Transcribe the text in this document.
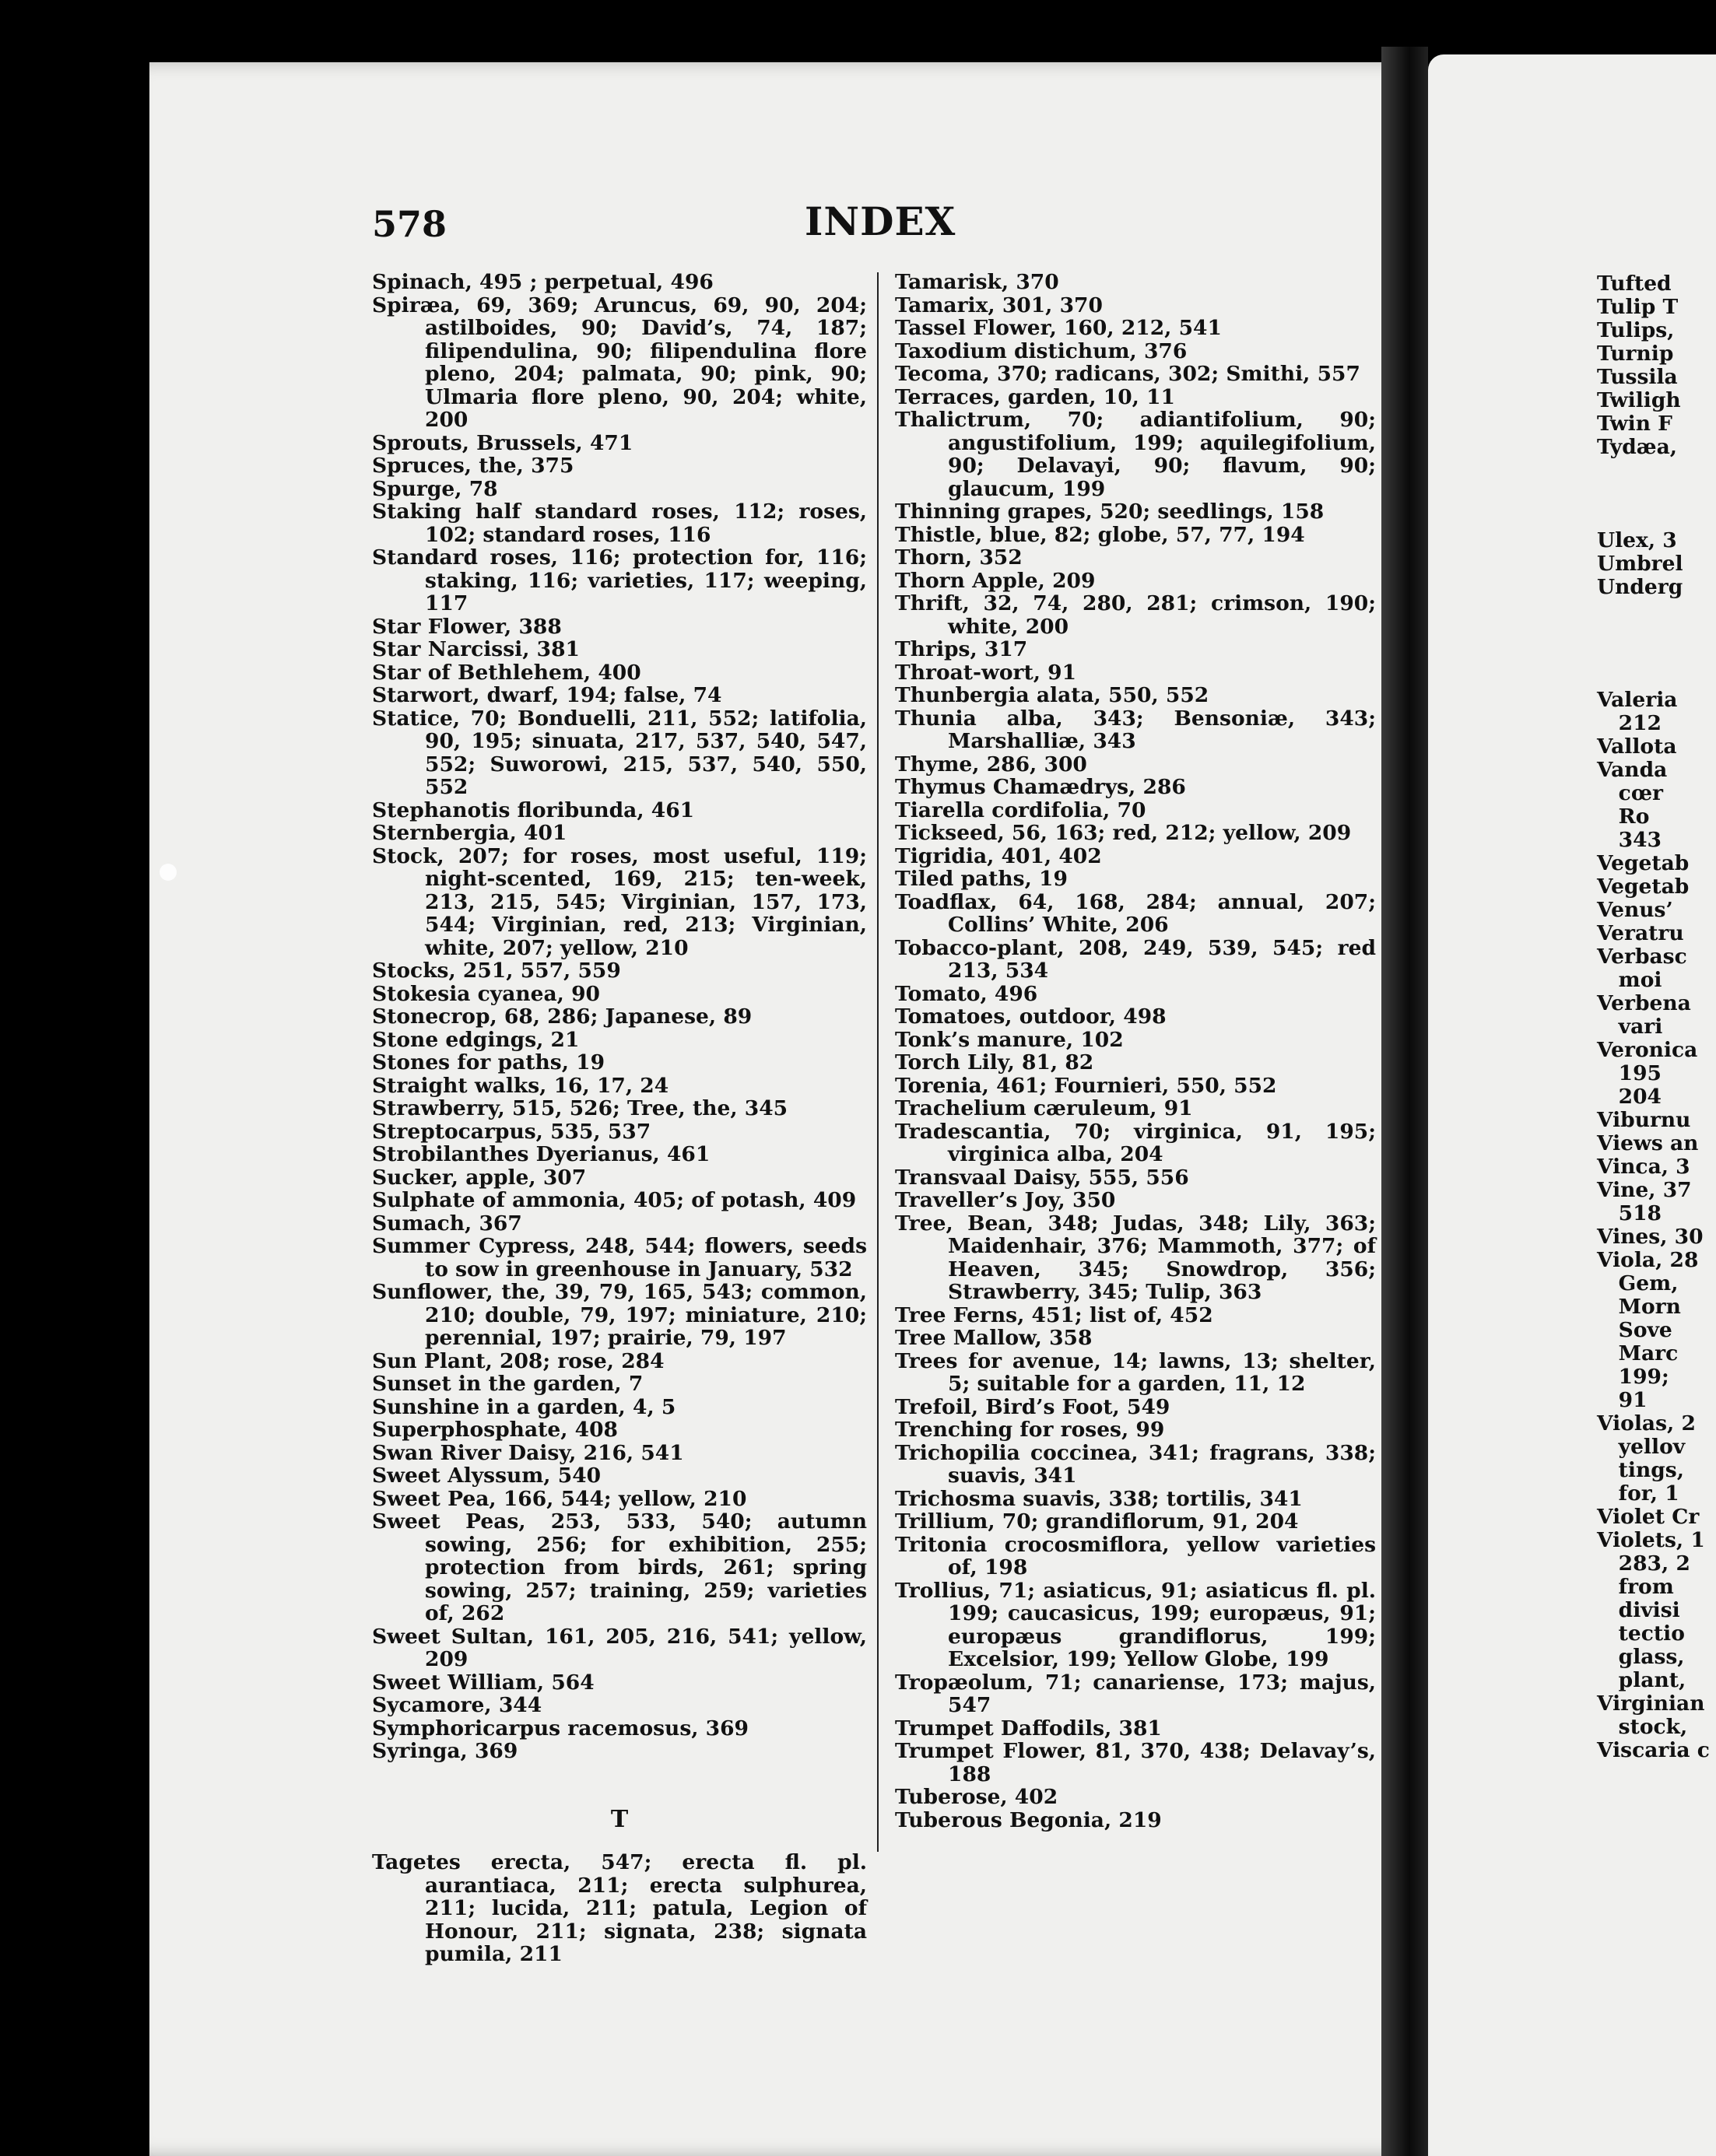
578	INDEX

Spinach, 495 ; perpetual, 496

Spiræa, 69, 369; Aruncus, 69, 90, 204; astilboides, 90; David’s, 74, 187; filipendulina, 90; filipendulina flore pleno, 204; palmata, 90; pink, 90; Ulmaria flore pleno, 90, 204; white, 200

Sprouts, Brussels, 471

Spruces, the, 375

Spurge, 78

Staking half standard roses, 112; roses, 102; standard roses, 116

Standard roses, 116; protection for, 116; staking, 116; varieties, 117; weeping, 117

Star Flower, 388

Star Narcissi, 381

Star of Bethlehem, 400

Starwort, dwarf, 194; false, 74

Statice, 70; Bonduelli, 211, 552; latifolia, 90, 195; sinuata, 217, 537, 540, 547, 552; Suworowi, 215, 537, 540, 550, 552

Stephanotis floribunda, 461

Sternbergia, 401

Stock, 207; for roses, most useful, 119; night-scented, 169, 215; ten-week, 213, 215, 545; Virginian, 157, 173, 544; Virginian, red, 213; Virginian, white, 207; yellow, 210

Stocks, 251, 557, 559

Stokesia cyanea, 90

Stonecrop, 68, 286; Japanese, 89

Stone edgings, 21

Stones for paths, 19

Straight walks, 16, 17, 24

Strawberry, 515, 526; Tree, the, 345

Streptocarpus, 535, 537

Strobilanthes Dyerianus, 461

Sucker, apple, 307

Sulphate of ammonia, 405; of potash, 409

Sumach, 367

Summer Cypress, 248, 544; flowers, seeds to sow in greenhouse in January, 532

Sunflower, the, 39, 79, 165, 543; common, 210; double, 79, 197; miniature, 210; perennial, 197; prairie, 79, 197

Sun Plant, 208; rose, 284

Sunset in the garden, 7

Sunshine in a garden, 4, 5

Superphosphate, 408

Swan River Daisy, 216, 541

Sweet Alyssum, 540

Sweet Pea, 166, 544; yellow, 210

Sweet Peas, 253, 533, 540; autumn sowing, 256; for exhibition, 255; protection from birds, 261; spring sowing, 257; training, 259; varieties of, 262

Sweet Sultan, 161, 205, 216, 541; yellow, 209

Sweet William, 564

Sycamore, 344

Symphoricarpus racemosus, 369

Syringa, 369

T

Tagetes erecta, 547; erecta fl. pl. aurantiaca, 211; erecta sulphurea, 211; lucida, 211; patula, Legion of Honour, 211; signata, 238; signata pumila, 211

Tamarisk, 370

Tamarix, 301, 370

Tassel Flower, 160, 212, 541

Taxodium distichum, 376

Tecoma, 370; radicans, 302; Smithi, 557

Terraces, garden, 10, 11

Thalictrum, 70; adiantifolium, 90; angustifolium, 199; aquilegifolium, 90; Delavayi, 90; flavum, 90; glaucum, 199

Thinning grapes, 520; seedlings, 158

Thistle, blue, 82; globe, 57, 77, 194

Thorn, 352

Thorn Apple, 209

Thrift, 32, 74, 280, 281; crimson, 190; white, 200

Thrips, 317

Throat-wort, 91

Thunbergia alata, 550, 552

Thunia alba, 343; Bensoniæ, 343; Marshalliæ, 343

Thyme, 286, 300

Thymus Chamædrys, 286

Tiarella cordifolia, 70

Tickseed, 56, 163; red, 212; yellow, 209

Tigridia, 401, 402

Tiled paths, 19

Toadflax, 64, 168, 284; annual, 207; Collins’ White, 206

Tobacco-plant, 208, 249, 539, 545; red 213, 534

Tomato, 496

Tomatoes, outdoor, 498

Tonk’s manure, 102

Torch Lily, 81, 82

Torenia, 461; Fournieri, 550, 552

Trachelium cæruleum, 91

Tradescantia, 70; virginica, 91, 195; virginica alba, 204

Transvaal Daisy, 555, 556

Traveller’s Joy, 350

Tree, Bean, 348; Judas, 348; Lily, 363; Maidenhair, 376; Mammoth, 377; of Heaven, 345; Snowdrop, 356; Strawberry, 345; Tulip, 363

Tree Ferns, 451; list of, 452

Tree Mallow, 358

Trees for avenue, 14; lawns, 13; shelter, 5; suitable for a garden, 11, 12

Trefoil, Bird’s Foot, 549

Trenching for roses, 99

Trichopilia coccinea, 341; fragrans, 338; suavis, 341

Trichosma suavis, 338; tortilis, 341

Trillium, 70; grandiflorum, 91, 204

Tritonia crocosmiflora, yellow varieties of, 198

Trollius, 71; asiaticus, 91; asiaticus fl. pl. 199; caucasicus, 199; europæus, 91; europæus grandiflorus, 199; Excelsior, 199; Yellow Globe, 199

Tropæolum, 71; canariense, 173; majus, 547

Trumpet Daffodils, 381

Trumpet Flower, 81, 370, 438; Delavay’s, 188

Tuberose, 402

Tuberous Begonia, 219

Tufted
Tulip T
Tulips,
Turnip
Tussila
Twiligh
Twin F
Tydæa,
Ulex, 3
Umbrel
Underg
Valeria
212
Vallota
Vanda
cœr
Ro
343
Vegetab
Vegetab
Venus’
Veratru
Verbasc
moi
Verbena
vari
Veronica
195
204
Viburnu
Views an
Vinca, 3
Vine, 37
518
Vines, 30
Viola, 28
Gem,
Morn
Sove
Marc
199;
91
Violas, 2
yellov
tings,
for, 1
Violet Cr
Violets, 1
283, 2
from
divisi
tectio
glass,
plant,
Virginian
stock,
Viscaria c
